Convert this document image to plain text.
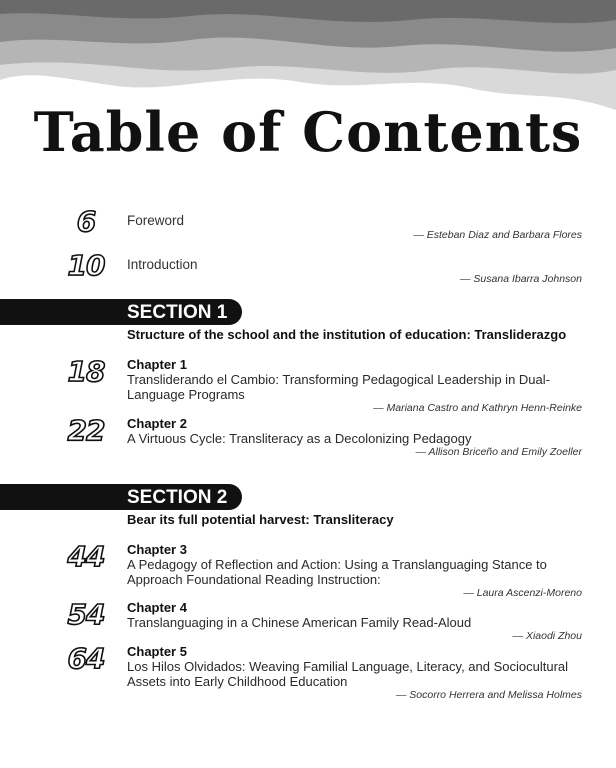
Table of Contents
6	Foreword
— Esteban Diaz and Barbara Flores
10	Introduction
— Susana Ibarra Johnson
SECTION 1
Structure of the school and the institution of education: Transliderazgo
18	Chapter 1
Transliderando el Cambio: Transforming Pedagogical Leadership in Dual-Language Programs
— Mariana Castro and Kathryn Henn-Reinke
22	Chapter 2
A Virtuous Cycle: Transliteracy as a Decolonizing Pedagogy
— Allison Briceño and Emily Zoeller
SECTION 2
Bear its full potential harvest: Transliteracy
44	Chapter 3
A Pedagogy of Reflection and Action: Using a Translanguaging Stance to Approach Foundational Reading Instruction:
— Laura Ascenzi-Moreno
54	Chapter 4
Translanguaging in a Chinese American Family Read-Aloud
— Xiaodi Zhou
64	Chapter 5
Los Hilos Olvidados: Weaving Familial Language, Literacy, and Sociocultural Assets into Early Childhood Education
— Socorro Herrera and Melissa Holmes
